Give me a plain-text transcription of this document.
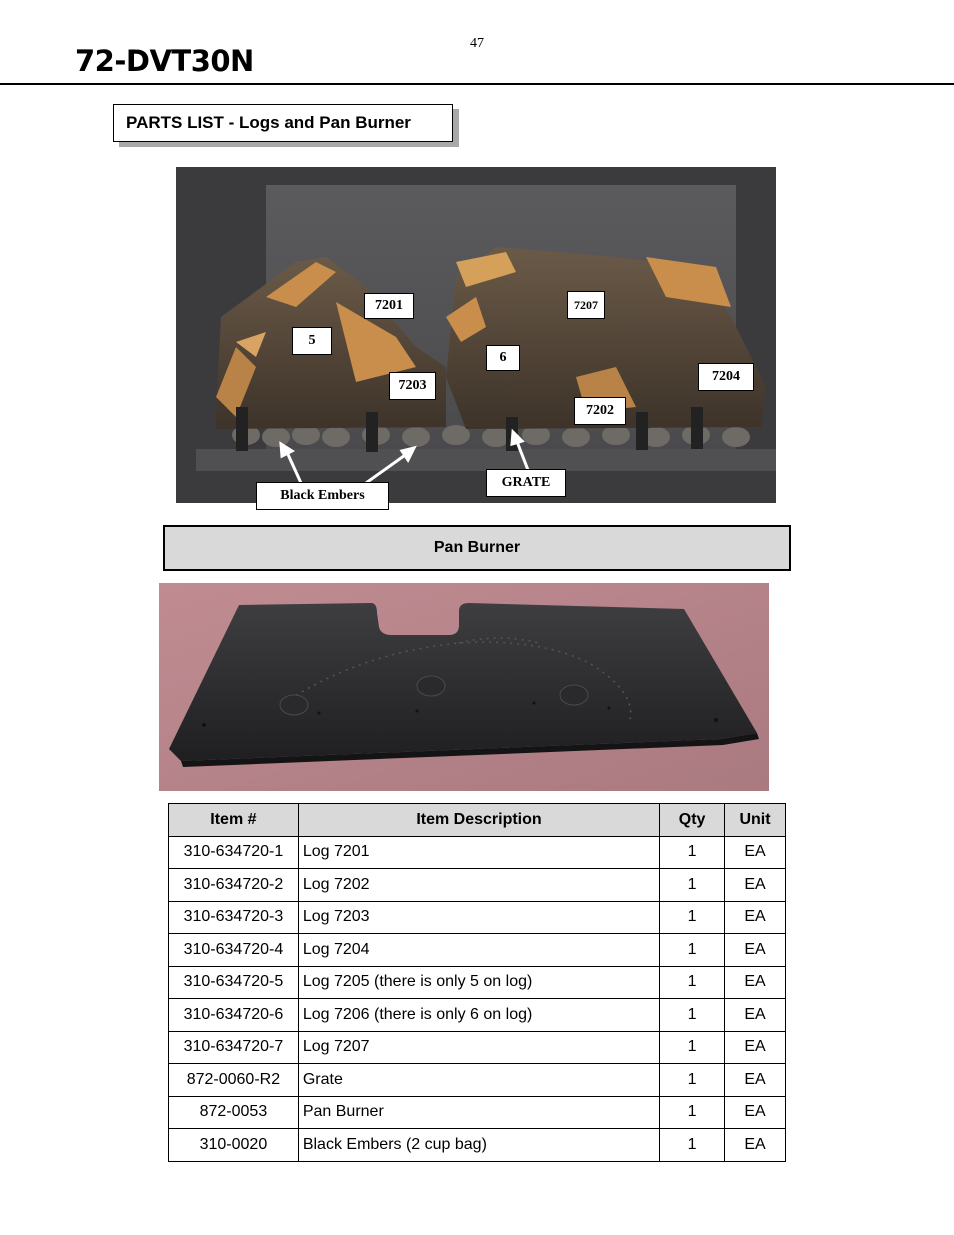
47
72-DVT30N
PARTS LIST - Logs and Pan Burner
7201	7207
5
6
7203
7204
7202
GRATE
Black Embers
Pan Burner
Item #	Item Description	Qty	Unit
310-634720-1	Log 7201	1	EA
310-634720-2	Log 7202	1	EA
310-634720-3	Log 7203	1	EA
310-634720-4	Log 7204	1	EA
310-634720-5	Log 7205 (there is only 5 on log)	1	EA
310-634720-6	Log 7206 (there is only 6 on log)	1	EA
310-634720-7	Log 7207	1	EA
872-0060-R2	Grate	1	EA
872-0053	Pan Burner	1	EA
310-0020	Black Embers (2 cup bag)	1	EA
